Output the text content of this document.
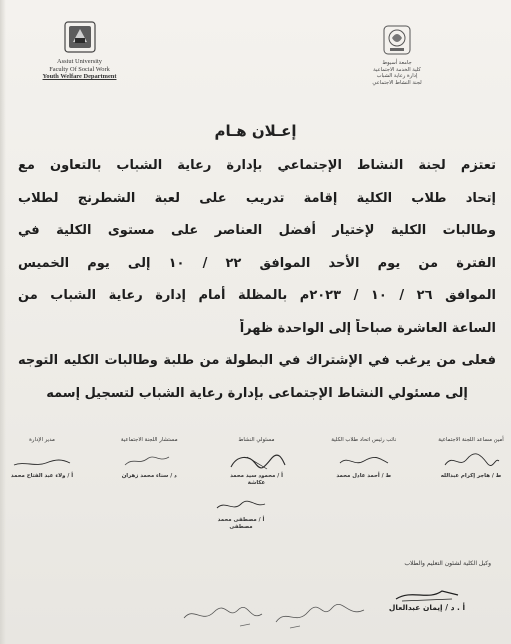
Assiut University
Faculty Of Social Work
Youth Welfare Department
جامعة أسيوط
كلية الخدمة الاجتماعية
إدارة رعاية الشباب
لجنة النشاط الاجتماعي
إعـلان هـام
تعتزم لجنة النشاط الإجتماعي بإدارة رعاية الشباب بالتعاون مع
إتحاد طلاب الكلية إقامة تدريب على لعبة الشطرنج لطلاب
وطالبات الكلية لإختيار أفضل العناصر على مستوى الكلية في
الفترة من يوم الأحد الموافق ٢٢ / ١٠ إلى يوم الخميس
الموافق ٢٦ / ١٠ / ٢٠٢٣م بالمظلة أمام إدارة رعاية الشباب من
الساعة العاشرة صباحاً إلى الواحدة ظهراً
فعلى من يرغب في الإشتراك في البطولة من طلبة وطالبات الكليه التوجه
إلى مسئولي النشاط الإجتماعى بإدارة رعاية الشباب لتسجيل إسمه
أمين مساعد اللجنة الاجتماعية
ط / هاجر إكرام عبدالله
نائب رئيس اتحاد طلاب الكلية
ط / أحمد عادل محمد
مسئولي النشاط
أ / محمود سيد محمد عكاشة
مستشار اللجنة الاجتماعية
د / سناء محمد زهران
مدير الإدارة
أ / ولاء عبد الفتاح محمد
أ / مصطفى محمد مصطفى
وكيل الكلية لشئون التعليم والطلاب
أ . د / إيمان عبدالعال
